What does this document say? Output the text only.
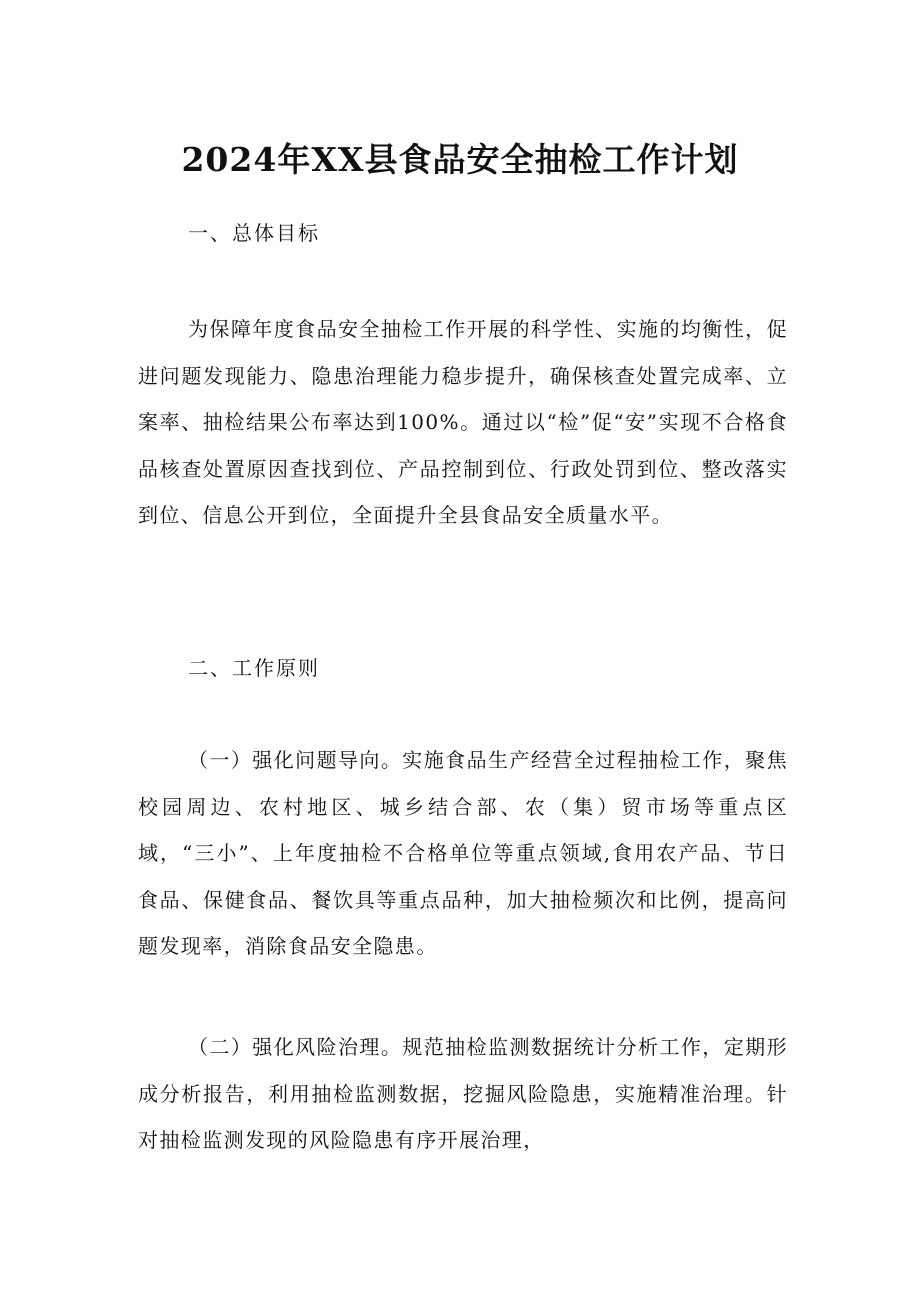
2024年XX县食品安全抽检工作计划
一、总体目标
为保障年度食品安全抽检工作开展的科学性、实施的均衡性，促进问题发现能力、隐患治理能力稳步提升，确保核查处置完成率、立案率、抽检结果公布率达到100%。通过以“检”促“安”实现不合格食品核查处置原因查找到位、产品控制到位、行政处罚到位、整改落实到位、信息公开到位，全面提升全县食品安全质量水平。
二、工作原则
（一）强化问题导向。实施食品生产经营全过程抽检工作，聚焦校园周边、农村地区、城乡结合部、农（集）贸市场等重点区域，“三小”、上年度抽检不合格单位等重点领域,食用农产品、节日食品、保健食品、餐饮具等重点品种，加大抽检频次和比例，提高问题发现率，消除食品安全隐患。
（二）强化风险治理。规范抽检监测数据统计分析工作，定期形成分析报告，利用抽检监测数据，挖掘风险隐患，实施精准治理。针对抽检监测发现的风险隐患有序开展治理，
